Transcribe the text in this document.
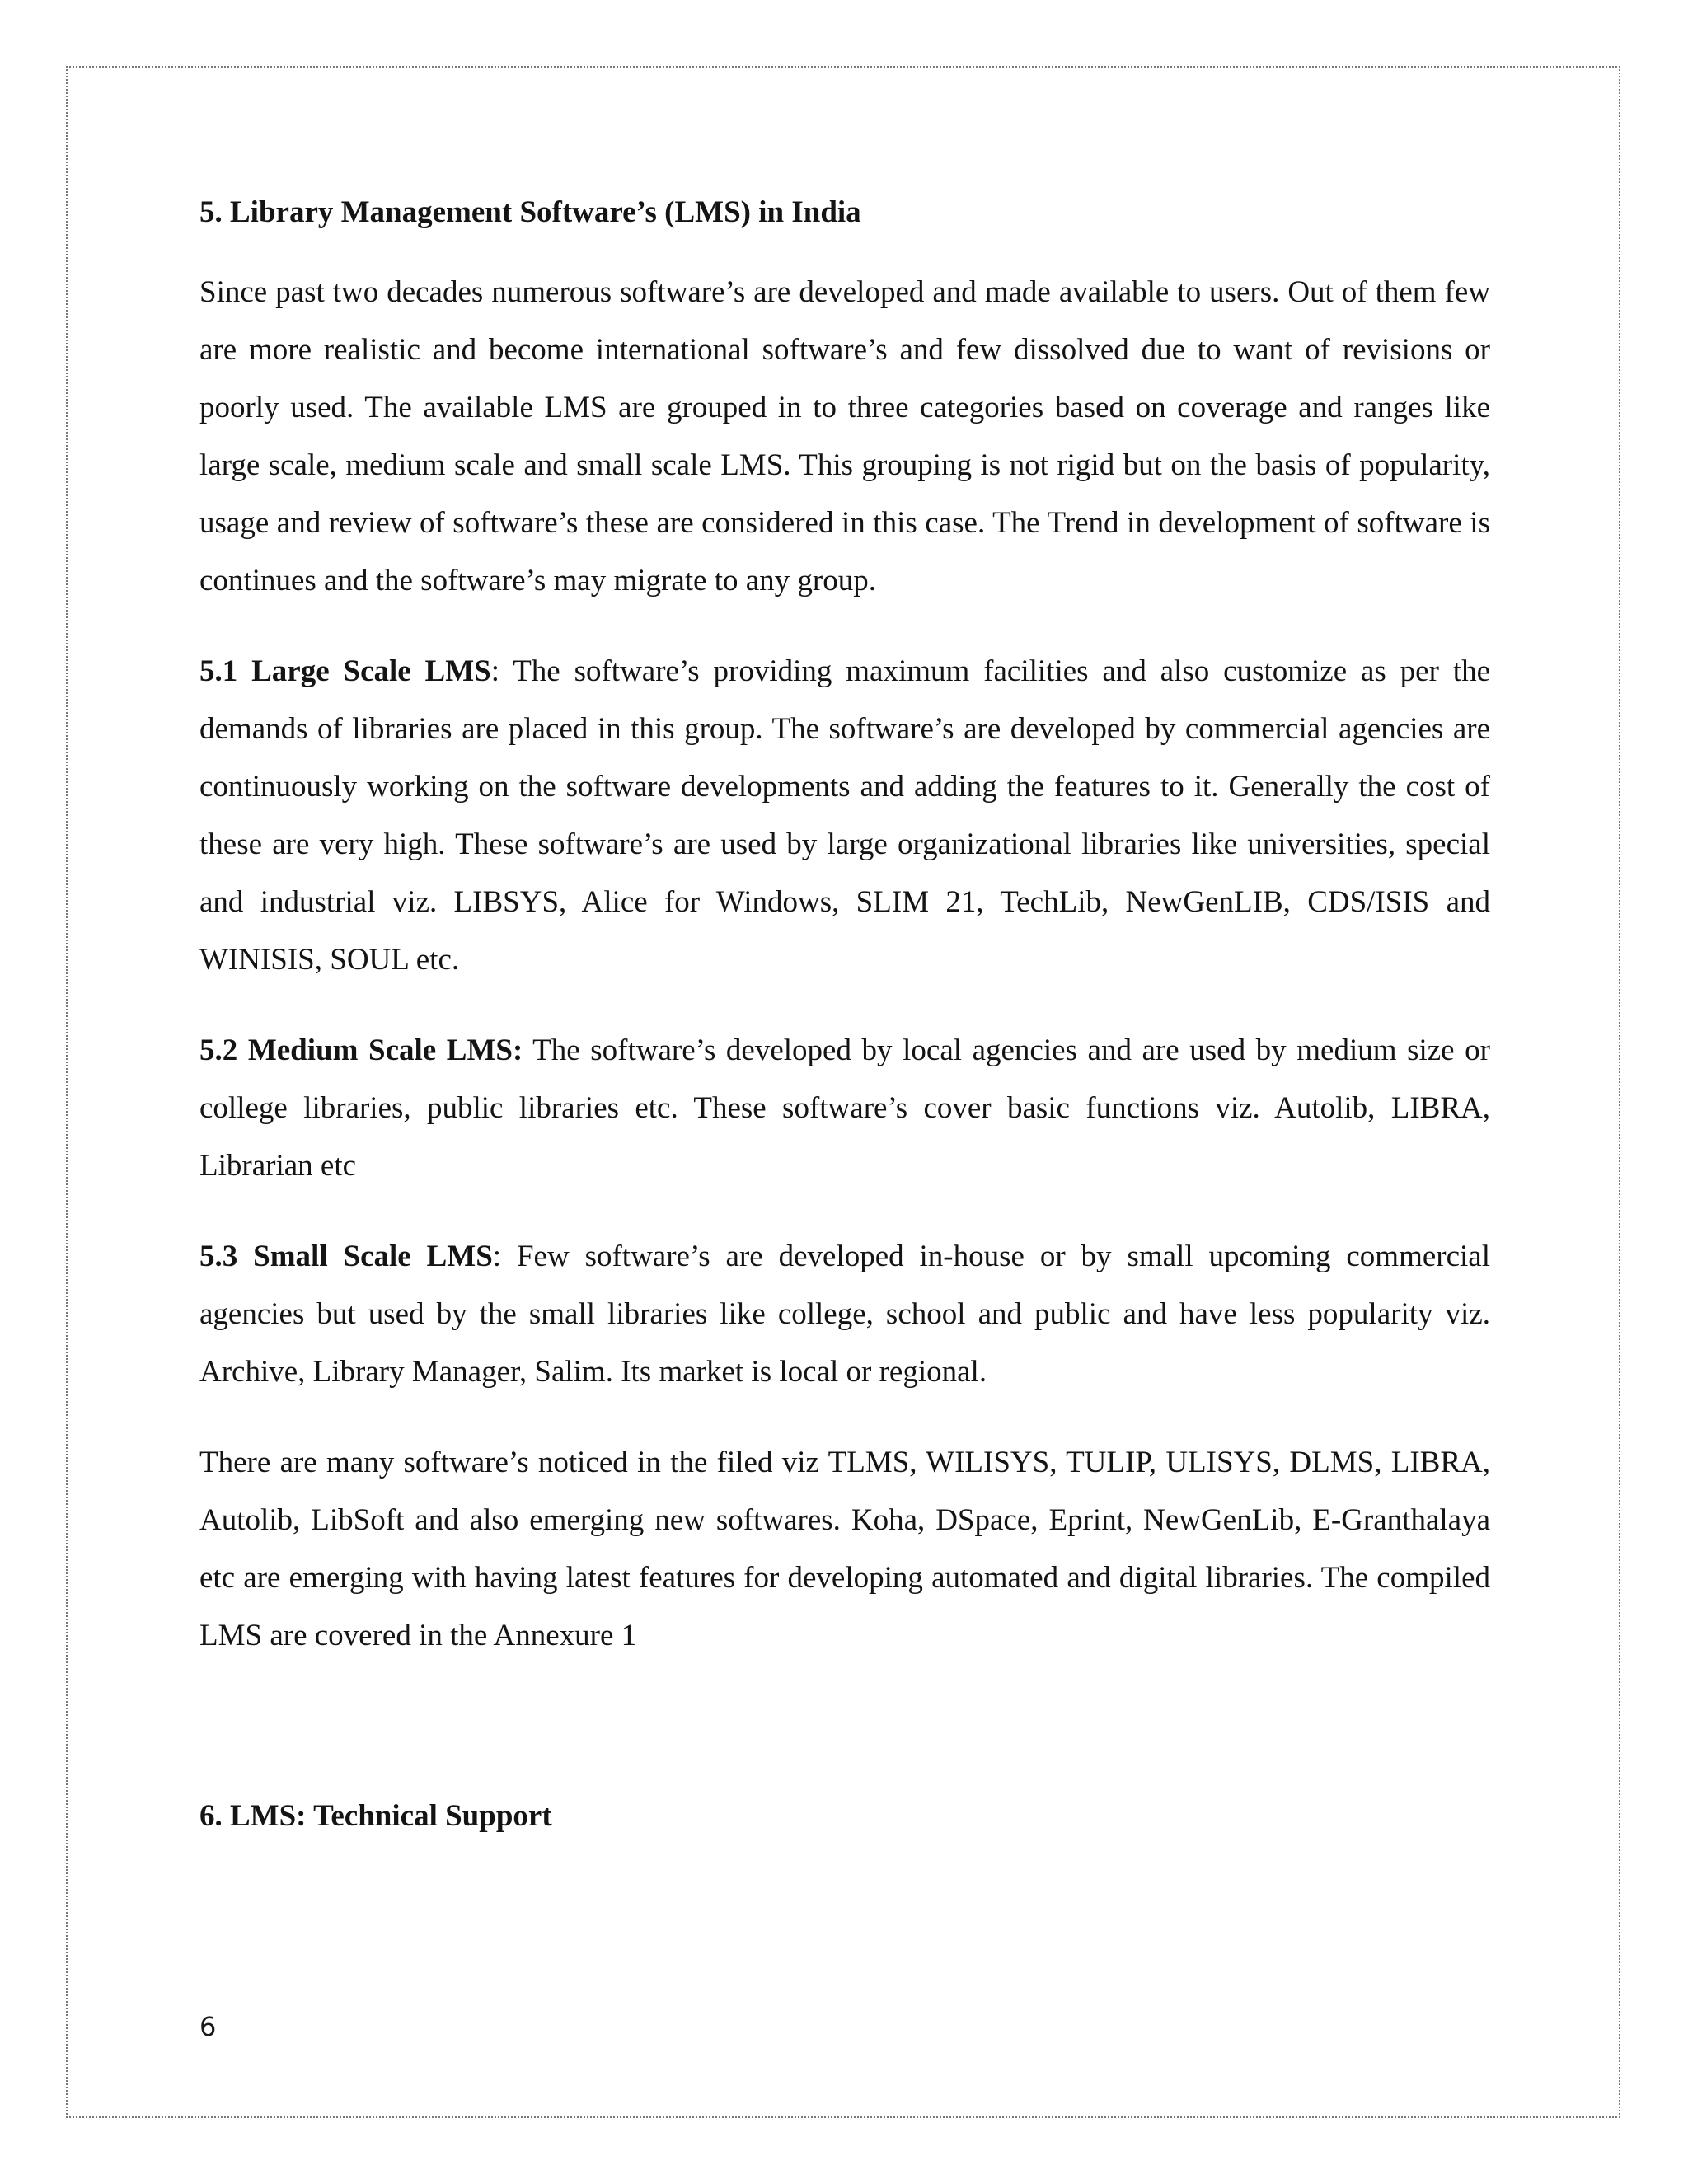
5. Library Management Software’s (LMS) in India

Since past two decades numerous software’s are developed and made available to users. Out of them few are more realistic and become international software’s and few dissolved due to want of revisions or poorly used. The available LMS are grouped in to three categories based on coverage and ranges like large scale, medium scale and small scale LMS. This grouping is not rigid but on the basis of popularity, usage and review of software’s these are considered in this case. The Trend in development of software is continues and the software’s may migrate to any group.

5.1 Large Scale LMS: The software’s providing maximum facilities and also customize as per the demands of libraries are placed in this group. The software’s are developed by commercial agencies are continuously working on the software developments and adding the features to it. Generally the cost of these are very high. These software’s are used by large organizational libraries like universities, special and industrial viz. LIBSYS, Alice for Windows, SLIM 21, TechLib, NewGenLIB, CDS/ISIS and WINISIS, SOUL etc.

5.2 Medium Scale LMS: The software’s developed by local agencies and are used by medium size or college libraries, public libraries etc. These software’s cover basic functions viz. Autolib, LIBRA, Librarian etc

5.3 Small Scale LMS: Few software’s are developed in-house or by small upcoming commercial agencies but used by the small libraries like college, school and public and have less popularity viz. Archive, Library Manager, Salim. Its market is local or regional.

There are many software’s noticed in the filed viz TLMS, WILISYS, TULIP, ULISYS, DLMS, LIBRA, Autolib, LibSoft and also emerging new softwares. Koha, DSpace, Eprint, NewGenLib, E-Granthalaya etc are emerging with having latest features for developing automated and digital libraries. The compiled LMS are covered in the Annexure 1

6. LMS: Technical Support
6
